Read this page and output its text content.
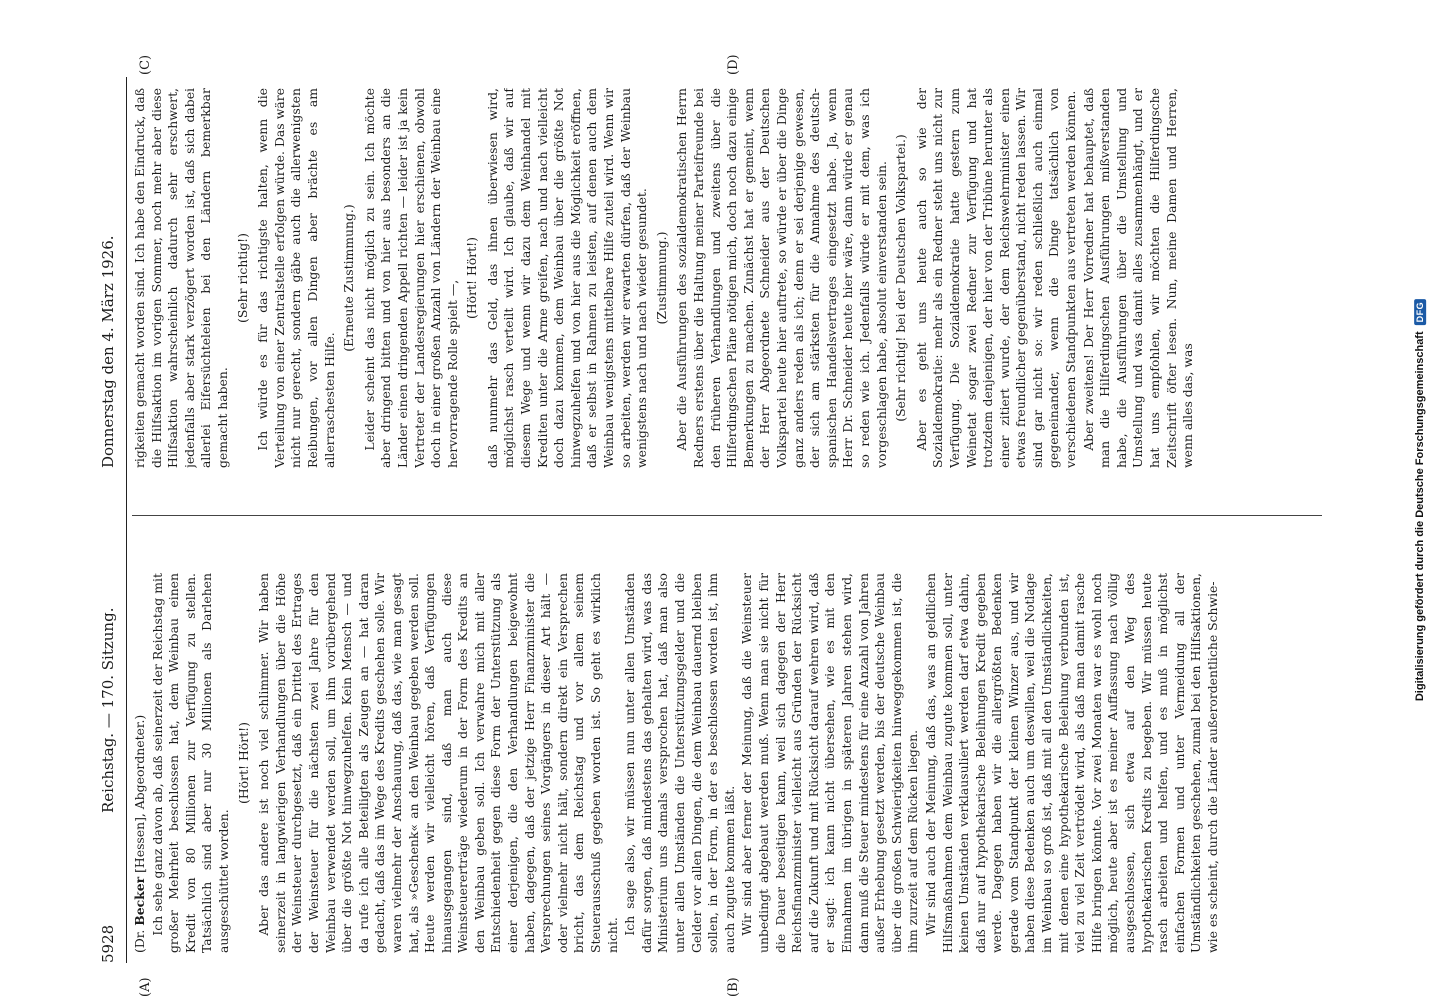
5928
Reichstag. — 170. Sitzung.
Donnerstag den 4. März 1926.
(A)	(B)
(C)	(D)

(Dr. Becker [Hessen], Abgeordneter.) Ich sehe ganz davon ab, daß seinerzeit der Reichstag mit großer Mehrheit beschlossen hat, dem Weinbau einen Kredit von 80 Millionen zur Verfügung zu stellen. Tatsächlich sind aber nur 30 Millionen als Darlehen ausgeschüttet worden.

(Hört! Hört!) Aber das andere ist noch viel schlimmer. Wir haben seinerzeit in langwierigen Verhandlungen über die Höhe der Weinsteuer durchgesetzt, daß ein Drittel des Ertrages der Weinsteuer für die nächsten zwei Jahre für den Weinbau verwendet werden soll, um ihm vorübergehend über die größte Not hinwegzuhelfen. Kein Mensch — und da rufe ich alle Beteiligten als Zeugen an — hat daran gedacht, daß das im Wege des Kredits geschehen solle. Wir waren vielmehr der Anschauung, daß das, wie man gesagt hat, als »Geschenk« an den Weinbau gegeben werden soll. Heute werden wir vielleicht hören, daß Verfügungen hinausgegangen sind, daß man auch diese Weinsteuererträge wiederum in der Form des Kredits an den Weinbau geben soll. Ich verwahre mich mit aller Entschiedenheit gegen diese Form der Unterstützung als einer derjenigen, die den Verhandlungen beigewohnt haben, dagegen, daß der jetzige Herr Finanzminister die Versprechungen seines Vorgängers in dieser Art hält — oder vielmehr nicht hält, sondern direkt ein Versprechen bricht, das dem Reichstag und vor allem seinem Steuerausschuß gegeben worden ist. So geht es wirklich nicht. Ich sage also, wir müssen nun unter allen Umständen dafür sorgen, daß mindestens das gehalten wird, was das Ministerium uns damals versprochen hat, daß man also unter allen Umständen die Unterstützungsgelder und die Gelder vor allen Dingen, die dem Weinbau dauernd bleiben sollen, in der Form, in der es beschlossen worden ist, ihm auch zugute kommen läßt. Wir sind aber ferner der Meinung, daß die Weinsteuer unbedingt abgebaut werden muß. Wenn man sie nicht für die Dauer beseitigen kann, weil sich dagegen der Herr Reichsfinanzminister vielleicht aus Gründen der Rücksicht auf die Zukunft und mit Rücksicht darauf wehren wird, daß er sagt: ich kann nicht übersehen, wie es mit den Einnahmen im übrigen in späteren Jahren stehen wird, dann muß die Steuer mindestens für eine Anzahl von Jahren außer Erhebung gesetzt werden, bis der deutsche Weinbau über die großen Schwierigkeiten hinweggekommen ist, die ihm zurzeit auf dem Rücken liegen. Wir sind auch der Meinung, daß das, was an geldlichen Hilfsmaßnahmen dem Weinbau zugute kommen soll, unter keinen Umständen verklausuliert werden darf etwa dahin, daß nur auf hypothekarische Beleihungen Kredit gegeben werde. Dagegen haben wir die allergrößten Bedenken gerade vom Standpunkt der kleinen Winzer aus, und wir haben diese Bedenken auch um deswillen, weil die Notlage im Weinbau so groß ist, daß mit all den Umständlichkeiten, mit denen eine hypothekarische Beleihung verbunden ist, viel zu viel Zeit vertrödelt wird, als daß man damit rasche Hilfe bringen könnte. Vor zwei Monaten war es wohl noch möglich, heute aber ist es meiner Auffassung nach völlig ausgeschlossen, sich etwa auf den Weg des hypothekarischen Kredits zu begeben. Wir müssen heute rasch arbeiten und helfen, und es muß in möglichst einfachen Formen und unter Vermeidung all der Umständlichkeiten geschehen, zumal bei den Hilfsaktionen, wie es scheint, durch die Länder außerordentliche Schwie-

rigkeiten gemacht worden sind. Ich habe den Eindruck, daß die Hilfsaktion im vorigen Sommer, noch mehr aber diese Hilfsaktion wahrscheinlich dadurch sehr erschwert, jedenfalls aber stark verzögert worden ist, daß sich dabei allerlei Eifersüchteleien bei den Ländern bemerkbar gemacht haben.

(Sehr richtig!) Ich würde es für das richtigste halten, wenn die Verteilung von einer Zentralstelle erfolgen würde. Das wäre nicht nur gerecht, sondern gäbe auch die allerwenigsten Reibungen, vor allen Dingen aber brächte es am allerraschesten Hilfe.

(Erneute Zustimmung.) Leider scheint das nicht möglich zu sein. Ich möchte aber dringend bitten und von hier aus besonders an die Länder einen dringenden Appell richten — leider ist ja kein Vertreter der Landesregierungen hier erschienen, obwohl doch in einer großen Anzahl von Ländern der Weinbau eine hervorragende Rolle spielt —,

(Hört! Hört!) daß nunmehr das Geld, das ihnen überwiesen wird, möglichst rasch verteilt wird. Ich glaube, daß wir auf diesem Wege und wenn wir dazu dem Weinhandel mit Krediten unter die Arme greifen, nach und nach vielleicht doch dazu kommen, dem Weinbau über die größte Not hinwegzuhelfen und von hier aus die Möglichkeit eröffnen, daß er selbst in Rahmen zu leisten, auf denen auch dem Weinbau wenigstens mittelbare Hilfe zuteil wird. Wenn wir so arbeiten, werden wir erwarten dürfen, daß der Weinbau wenigstens nach und nach wieder gesundet. (Zustimmung.) Aber die Ausführungen des sozialdemokratischen Herrn Redners erstens über die Haltung meiner Parteifreunde bei den früheren Verhandlungen und zweitens über die Hilferdingschen Pläne nötigen mich, doch noch dazu einige Bemerkungen zu machen. Zunächst hat er gemeint, wenn der Herr Abgeordnete Schneider aus der Deutschen Volkspartei heute hier auftrete, so würde er über die Dinge ganz anders reden als ich; denn er sei derjenige gewesen, der sich am stärksten für die Annahme des deutsch-spanischen Handelsvertrages eingesetzt habe. Ja, wenn Herr Dr. Schneider heute hier wäre, dann würde er genau so reden wie ich. Jedenfalls würde er mit dem, was ich vorgeschlagen habe, absolut einverstanden sein. (Sehr richtig! bei der Deutschen Volkspartei.) Aber es geht uns heute auch so wie der Sozialdemokratie: mehr als ein Redner steht uns nicht zur Verfügung. Die Sozialdemokratie hatte gestern zum Weinetat sogar zwei Redner zur Verfügung und hat trotzdem denjenigen, der hier von der Tribüne herunter als einer zitiert wurde, der dem Reichswehrminister einen etwas freundlicher gegenüberstand, nicht reden lassen. Wir sind gar nicht so: wir reden schließlich auch einmal gegeneinander, wenn die Dinge tatsächlich von verschiedenen Standpunkten aus vertreten werden können. Aber zweitens! Der Herr Vorredner hat behauptet, daß man die Hilferdingschen Ausführungen mißverstanden habe, die Ausführungen über die Umstellung und Umstellung und was damit alles zusammenhängt, und er hat uns empfohlen, wir möchten die Hilferdingsche Zeitschrift öfter lesen. Nun, meine Damen und Herren, wenn alles das, was	Digitalisierung gefördert durch die Deutsche Forschungsgemeinschaft
DFG
